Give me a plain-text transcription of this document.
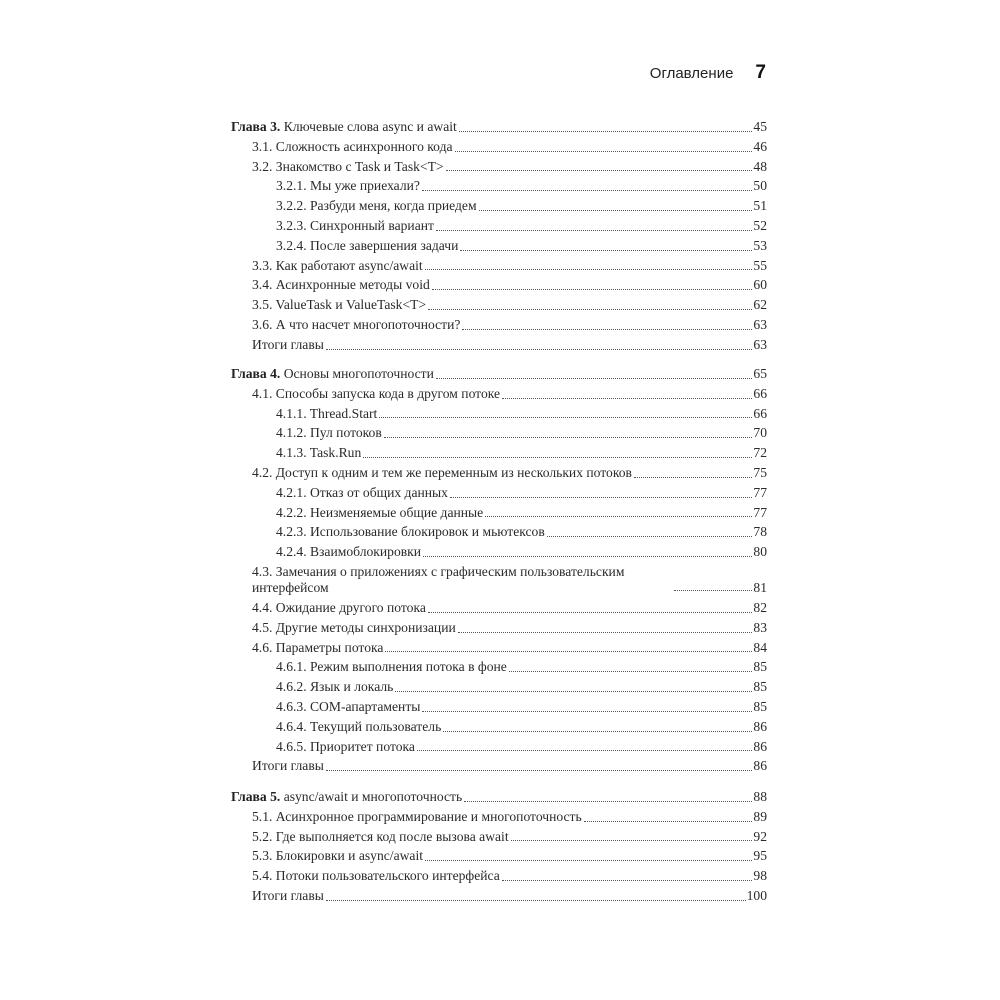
Оглавление 7
Глава 3. Ключевые слова async и await	45
3.1. Сложность асинхронного кода	46
3.2. Знакомство с Task и Task<T>	48
3.2.1. Мы уже приехали?	50
3.2.2. Разбуди меня, когда приедем	51
3.2.3. Синхронный вариант	52
3.2.4. После завершения задачи	53
3.3. Как работают async/await	55
3.4. Асинхронные методы void	60
3.5. ValueTask и ValueTask<T>	62
3.6. А что насчет многопоточности?	63
Итоги главы	63
Глава 4. Основы многопоточности	65
4.1. Способы запуска кода в другом потоке	66
4.1.1. Thread.Start	66
4.1.2. Пул потоков	70
4.1.3. Task.Run	72
4.2. Доступ к одним и тем же переменным из нескольких потоков	75
4.2.1. Отказ от общих данных	77
4.2.2. Неизменяемые общие данные	77
4.2.3. Использование блокировок и мьютексов	78
4.2.4. Взаимоблокировки	80
4.3. Замечания о приложениях с графическим пользовательским интерфейсом	81
4.4. Ожидание другого потока	82
4.5. Другие методы синхронизации	83
4.6. Параметры потока	84
4.6.1. Режим выполнения потока в фоне	85
4.6.2. Язык и локаль	85
4.6.3. COM-апартаменты	85
4.6.4. Текущий пользователь	86
4.6.5. Приоритет потока	86
Итоги главы	86
Глава 5. async/await и многопоточность	88
5.1. Асинхронное программирование и многопоточность	89
5.2. Где выполняется код после вызова await	92
5.3. Блокировки и async/await	95
5.4. Потоки пользовательского интерфейса	98
Итоги главы	100
